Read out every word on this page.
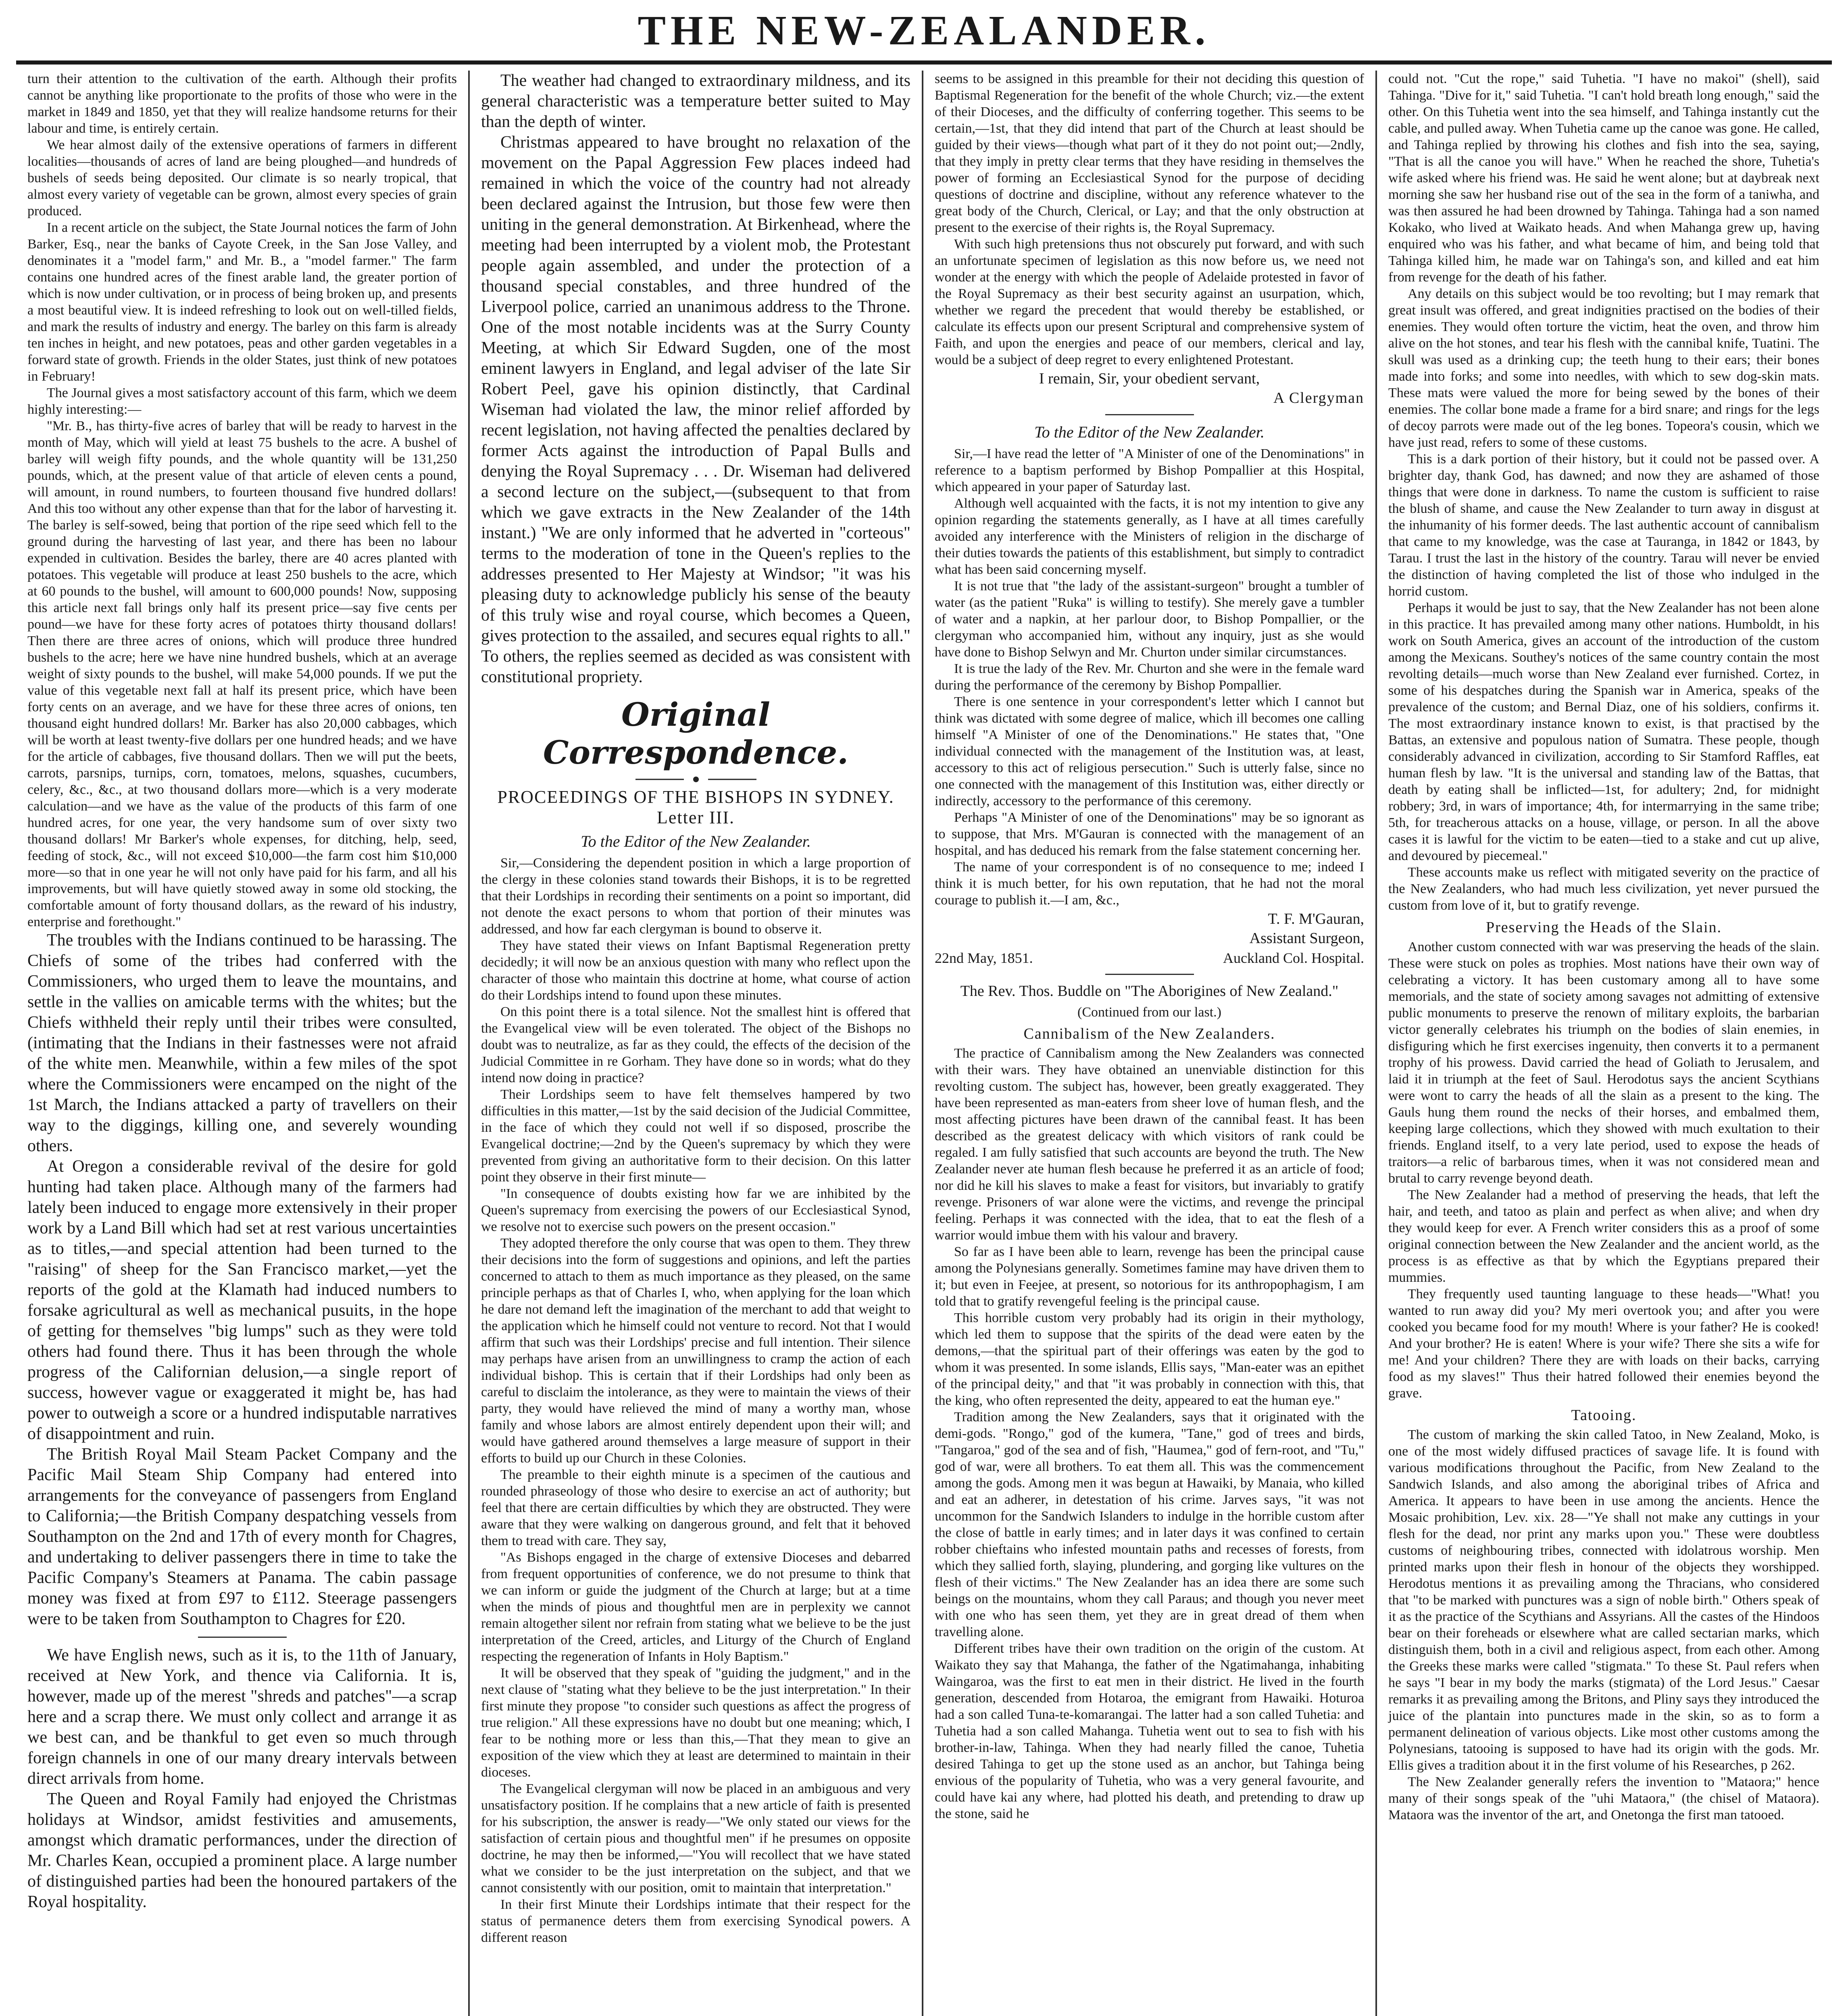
THE NEW-ZEALANDER.

turn their attention to the cultivation of the earth. Although their profits cannot be anything like proportionate to the profits of those who were in the market in 1849 and 1850, yet that they will realize handsome returns for their labour and time, is entirely certain.

We hear almost daily of the extensive operations of farmers in different localities—thousands of acres of land are being ploughed—and hundreds of bushels of seeds being deposited. Our climate is so nearly tropical, that almost every variety of vegetable can be grown, almost every species of grain produced.

In a recent article on the subject, the State Journal notices the farm of John Barker, Esq., near the banks of Cayote Creek, in the San Jose Valley, and denominates it a "model farm," and Mr. B., a "model farmer." The farm contains one hundred acres of the finest arable land, the greater portion of which is now under cultivation, or in process of being broken up, and presents a most beautiful view. It is indeed refreshing to look out on well-tilled fields, and mark the results of industry and energy. The barley on this farm is already ten inches in height, and new potatoes, peas and other garden vegetables in a forward state of growth. Friends in the older States, just think of new potatoes in February!

The Journal gives a most satisfactory account of this farm, which we deem highly interesting:—

"Mr. B., has thirty-five acres of barley that will be ready to harvest in the month of May, which will yield at least 75 bushels to the acre. A bushel of barley will weigh fifty pounds, and the whole quantity will be 131,250 pounds, which, at the present value of that article of eleven cents a pound, will amount, in round numbers, to fourteen thousand five hundred dollars! And this too without any other expense than that for the labor of harvesting it. The barley is self-sowed, being that portion of the ripe seed which fell to the ground during the harvesting of last year, and there has been no labour expended in cultivation. Besides the barley, there are 40 acres planted with potatoes. This vegetable will produce at least 250 bushels to the acre, which at 60 pounds to the bushel, will amount to 600,000 pounds! Now, supposing this article next fall brings only half its present price—say five cents per pound—we have for these forty acres of potatoes thirty thousand dollars! Then there are three acres of onions, which will produce three hundred bushels to the acre; here we have nine hundred bushels, which at an average weight of sixty pounds to the bushel, will make 54,000 pounds. If we put the value of this vegetable next fall at half its present price, which have been forty cents on an average, and we have for these three acres of onions, ten thousand eight hundred dollars! Mr. Barker has also 20,000 cabbages, which will be worth at least twenty-five dollars per one hundred heads; and we have for the article of cabbages, five thousand dollars. Then we will put the beets, carrots, parsnips, turnips, corn, tomatoes, melons, squashes, cucumbers, celery, &c., &c., at two thousand dollars more—which is a very moderate calculation—and we have as the value of the products of this farm of one hundred acres, for one year, the very handsome sum of over sixty two thousand dollars! Mr Barker's whole expenses, for ditching, help, seed, feeding of stock, &c., will not exceed $10,000—the farm cost him $10,000 more—so that in one year he will not only have paid for his farm, and all his improvements, but will have quietly stowed away in some old stocking, the comfortable amount of forty thousand dollars, as the reward of his industry, enterprise and forethought."

The troubles with the Indians continued to be harassing. The Chiefs of some of the tribes had conferred with the Commissioners, who urged them to leave the mountains, and settle in the vallies on amicable terms with the whites; but the Chiefs withheld their reply until their tribes were consulted, (intimating that the Indians in their fastnesses were not afraid of the white men. Meanwhile, within a few miles of the spot where the Commissioners were encamped on the night of the 1st March, the Indians attacked a party of travellers on their way to the diggings, killing one, and severely wounding others.

At Oregon a considerable revival of the desire for gold hunting had taken place. Although many of the farmers had lately been induced to engage more extensively in their proper work by a Land Bill which had set at rest various uncertainties as to titles,—and special attention had been turned to the "raising" of sheep for the San Francisco market,—yet the reports of the gold at the Klamath had induced numbers to forsake agricultural as well as mechanical pusuits, in the hope of getting for themselves "big lumps" such as they were told others had found there. Thus it has been through the whole progress of the Californian delusion,—a single report of success, however vague or exaggerated it might be, has had power to outweigh a score or a hundred indisputable narratives of disappointment and ruin.

The British Royal Mail Steam Packet Company and the Pacific Mail Steam Ship Company had entered into arrangements for the conveyance of passengers from England to California;—the British Company despatching vessels from Southampton on the 2nd and 17th of every month for Chagres, and undertaking to deliver passengers there in time to take the Pacific Company's Steamers at Panama. The cabin passage money was fixed at from £97 to £112. Steerage passengers were to be taken from Southampton to Chagres for £20.

We have English news, such as it is, to the 11th of January, received at New York, and thence via California. It is, however, made up of the merest "shreds and patches"—a scrap here and a scrap there. We must only collect and arrange it as we best can, and be thankful to get even so much through foreign channels in one of our many dreary intervals between direct arrivals from home.

The Queen and Royal Family had enjoyed the Christmas holidays at Windsor, amidst festivities and amusements, amongst which dramatic performances, under the direction of Mr. Charles Kean, occupied a prominent place. A large number of distinguished parties had been the honoured partakers of the Royal hospitality.

The weather had changed to extraordinary mildness, and its general characteristic was a temperature better suited to May than the depth of winter.

Christmas appeared to have brought no relaxation of the movement on the Papal Aggression Few places indeed had remained in which the voice of the country had not already been declared against the Intrusion, but those few were then uniting in the general demonstration. At Birkenhead, where the meeting had been interrupted by a violent mob, the Protestant people again assembled, and under the protection of a thousand special constables, and three hundred of the Liverpool police, carried an unanimous address to the Throne. One of the most notable incidents was at the Surry County Meeting, at which Sir Edward Sugden, one of the most eminent lawyers in England, and legal adviser of the late Sir Robert Peel, gave his opinion distinctly, that Cardinal Wiseman had violated the law, the minor relief afforded by recent legislation, not having affected the penalties declared by former Acts against the introduction of Papal Bulls and denying the Royal Supremacy . . . Dr. Wiseman had delivered a second lecture on the subject,—(subsequent to that from which we gave extracts in the New Zealander of the 14th instant.) "We are only informed that he adverted in "corteous" terms to the moderation of tone in the Queen's replies to the addresses presented to Her Majesty at Windsor; "it was his pleasing duty to acknowledge publicly his sense of the beauty of this truly wise and royal course, which becomes a Queen, gives protection to the assailed, and secures equal rights to all." To others, the replies seemed as decided as was consistent with constitutional propriety.

Original Correspondence.
PROCEEDINGS OF THE BISHOPS IN SYDNEY. Letter III.
To the Editor of the New Zealander.

Sir,—Considering the dependent position in which a large proportion of the clergy in these colonies stand towards their Bishops, it is to be regretted that their Lordships in recording their sentiments on a point so important, did not denote the exact persons to whom that portion of their minutes was addressed, and how far each clergyman is bound to observe it.

They have stated their views on Infant Baptismal Regeneration pretty decidedly; it will now be an anxious question with many who reflect upon the character of those who maintain this doctrine at home, what course of action do their Lordships intend to found upon these minutes.

On this point there is a total silence. Not the smallest hint is offered that the Evangelical view will be even tolerated. The object of the Bishops no doubt was to neutralize, as far as they could, the effects of the decision of the Judicial Committee in re Gorham. They have done so in words; what do they intend now doing in practice?

Their Lordships seem to have felt themselves hampered by two difficulties in this matter,—1st by the said decision of the Judicial Committee, in the face of which they could not well if so disposed, proscribe the Evangelical doctrine;—2nd by the Queen's supremacy by which they were prevented from giving an authoritative form to their decision. On this latter point they observe in their first minute—

"In consequence of doubts existing how far we are inhibited by the Queen's supremacy from exercising the powers of our Ecclesiastical Synod, we resolve not to exercise such powers on the present occasion."

They adopted therefore the only course that was open to them. They threw their decisions into the form of suggestions and opinions, and left the parties concerned to attach to them as much importance as they pleased, on the same principle perhaps as that of Charles I, who, when applying for the loan which he dare not demand left the imagination of the merchant to add that weight to the application which he himself could not venture to record. Not that I would affirm that such was their Lordships' precise and full intention. Their silence may perhaps have arisen from an unwillingness to cramp the action of each individual bishop. This is certain that if their Lordships had only been as careful to disclaim the intolerance, as they were to maintain the views of their party, they would have relieved the mind of many a worthy man, whose family and whose labors are almost entirely dependent upon their will; and would have gathered around themselves a large measure of support in their efforts to build up our Church in these Colonies.

The preamble to their eighth minute is a specimen of the cautious and rounded phraseology of those who desire to exercise an act of authority; but feel that there are certain difficulties by which they are obstructed. They were aware that they were walking on dangerous ground, and felt that it behoved them to tread with care. They say,

"As Bishops engaged in the charge of extensive Dioceses and debarred from frequent opportunities of conference, we do not presume to think that we can inform or guide the judgment of the Church at large; but at a time when the minds of pious and thoughtful men are in perplexity we cannot remain altogether silent nor refrain from stating what we believe to be the just interpretation of the Creed, articles, and Liturgy of the Church of England respecting the regeneration of Infants in Holy Baptism."

It will be observed that they speak of "guiding the judgment," and in the next clause of "stating what they believe to be the just interpretation." In their first minute they propose "to consider such questions as affect the progress of true religion." All these expressions have no doubt but one meaning; which, I fear to be nothing more or less than this,—That they mean to give an exposition of the view which they at least are determined to maintain in their dioceses.

The Evangelical clergyman will now be placed in an ambiguous and very unsatisfactory position. If he complains that a new article of faith is presented for his subscription, the answer is ready—"We only stated our views for the satisfaction of certain pious and thoughtful men" if he presumes on opposite doctrine, he may then be informed,—"You will recollect that we have stated what we consider to be the just interpretation on the subject, and that we cannot consistently with our position, omit to maintain that interpretation."

In their first Minute their Lordships intimate that their respect for the status of permanence deters them from exercising Synodical powers. A different reason

seems to be assigned in this preamble for their not deciding this question of Baptismal Regeneration for the benefit of the whole Church; viz.—the extent of their Dioceses, and the difficulty of conferring together. This seems to be certain,—1st, that they did intend that part of the Church at least should be guided by their views—though what part of it they do not point out;—2ndly, that they imply in pretty clear terms that they have residing in themselves the power of forming an Ecclesiastical Synod for the purpose of deciding questions of doctrine and discipline, without any reference whatever to the great body of the Church, Clerical, or Lay; and that the only obstruction at present to the exercise of their rights is, the Royal Supremacy.

With such high pretensions thus not obscurely put forward, and with such an unfortunate specimen of legislation as this now before us, we need not wonder at the energy with which the people of Adelaide protested in favor of the Royal Supremacy as their best security against an usurpation, which, whether we regard the precedent that would thereby be established, or calculate its effects upon our present Scriptural and comprehensive system of Faith, and upon the energies and peace of our members, clerical and lay, would be a subject of deep regret to every enlightened Protestant.

I remain, Sir, your obedient servant,
A Clergyman
To the Editor of the New Zealander.

Sir,—I have read the letter of "A Minister of one of the Denominations" in reference to a baptism performed by Bishop Pompallier at this Hospital, which appeared in your paper of Saturday last.

Although well acquainted with the facts, it is not my intention to give any opinion regarding the statements generally, as I have at all times carefully avoided any interference with the Ministers of religion in the discharge of their duties towards the patients of this establishment, but simply to contradict what has been said concerning myself.

It is not true that "the lady of the assistant-surgeon" brought a tumbler of water (as the patient "Ruka" is willing to testify). She merely gave a tumbler of water and a napkin, at her parlour door, to Bishop Pompallier, or the clergyman who accompanied him, without any inquiry, just as she would have done to Bishop Selwyn and Mr. Churton under similar circumstances.

It is true the lady of the Rev. Mr. Churton and she were in the female ward during the performance of the ceremony by Bishop Pompallier.

There is one sentence in your correspondent's letter which I cannot but think was dictated with some degree of malice, which ill becomes one calling himself "A Minister of one of the Denominations." He states that, "One individual connected with the management of the Institution was, at least, accessory to this act of religious persecution." Such is utterly false, since no one connected with the management of this Institution was, either directly or indirectly, accessory to the performance of this ceremony.

Perhaps "A Minister of one of the Denominations" may be so ignorant as to suppose, that Mrs. M'Gauran is connected with the management of an hospital, and has deduced his remark from the false statement concerning her.

The name of your correspondent is of no consequence to me; indeed I think it is much better, for his own reputation, that he had not the moral courage to publish it.—I am, &c.,

T. F. M'Gauran,
Assistant Surgeon,
22nd May, 1851.	Auckland Col. Hospital.
The Rev. Thos. Buddle on "The Aborigines of New Zealand."
(Continued from our last.)
Cannibalism of the New Zealanders.

The practice of Cannibalism among the New Zealanders was connected with their wars. They have obtained an unenviable distinction for this revolting custom. The subject has, however, been greatly exaggerated. They have been represented as man-eaters from sheer love of human flesh, and the most affecting pictures have been drawn of the cannibal feast. It has been described as the greatest delicacy with which visitors of rank could be regaled. I am fully satisfied that such accounts are beyond the truth. The New Zealander never ate human flesh because he preferred it as an article of food; nor did he kill his slaves to make a feast for visitors, but invariably to gratify revenge. Prisoners of war alone were the victims, and revenge the principal feeling. Perhaps it was connected with the idea, that to eat the flesh of a warrior would imbue them with his valour and bravery.

So far as I have been able to learn, revenge has been the principal cause among the Polynesians generally. Sometimes famine may have driven them to it; but even in Feejee, at present, so notorious for its anthropophagism, I am told that to gratify revengeful feeling is the principal cause.

This horrible custom very probably had its origin in their mythology, which led them to suppose that the spirits of the dead were eaten by the demons,—that the spiritual part of their offerings was eaten by the god to whom it was presented. In some islands, Ellis says, "Man-eater was an epithet of the principal deity," and that "it was probably in connection with this, that the king, who often represented the deity, appeared to eat the human eye."

Tradition among the New Zealanders, says that it originated with the demi-gods. "Rongo," god of the kumera, "Tane," god of trees and birds, "Tangaroa," god of the sea and of fish, "Haumea," god of fern-root, and "Tu," god of war, were all brothers. To eat them all. This was the commencement among the gods. Among men it was begun at Hawaiki, by Manaia, who killed and eat an adherer, in detestation of his crime. Jarves says, "it was not uncommon for the Sandwich Islanders to indulge in the horrible custom after the close of battle in early times; and in later days it was confined to certain robber chieftains who infested mountain paths and recesses of forests, from which they sallied forth, slaying, plundering, and gorging like vultures on the flesh of their victims." The New Zealander has an idea there are some such beings on the mountains, whom they call Paraus; and though you never meet with one who has seen them, yet they are in great dread of them when travelling alone.

Different tribes have their own tradition on the origin of the custom. At Waikato they say that Mahanga, the father of the Ngatimahanga, inhabiting Waingaroa, was the first to eat men in their district. He lived in the fourth generation, descended from Hotaroa, the emigrant from Hawaiki. Hoturoa had a son called Tuna-te-komarangai. The latter had a son called Tuhetia: and Tuhetia had a son called Mahanga. Tuhetia went out to sea to fish with his brother-in-law, Tahinga. When they had nearly filled the canoe, Tuhetia desired Tahinga to get up the stone used as an anchor, but Tahinga being envious of the popularity of Tuhetia, who was a very general favourite, and could have kai any where, had plotted his death, and pretending to draw up the stone, said he

could not. "Cut the rope," said Tuhetia. "I have no makoi" (shell), said Tahinga. "Dive for it," said Tuhetia. "I can't hold breath long enough," said the other. On this Tuhetia went into the sea himself, and Tahinga instantly cut the cable, and pulled away. When Tuhetia came up the canoe was gone. He called, and Tahinga replied by throwing his clothes and fish into the sea, saying, "That is all the canoe you will have." When he reached the shore, Tuhetia's wife asked where his friend was. He said he went alone; but at daybreak next morning she saw her husband rise out of the sea in the form of a taniwha, and was then assured he had been drowned by Tahinga. Tahinga had a son named Kokako, who lived at Waikato heads. And when Mahanga grew up, having enquired who was his father, and what became of him, and being told that Tahinga killed him, he made war on Tahinga's son, and killed and eat him from revenge for the death of his father.

Any details on this subject would be too revolting; but I may remark that great insult was offered, and great indignities practised on the bodies of their enemies. They would often torture the victim, heat the oven, and throw him alive on the hot stones, and tear his flesh with the cannibal knife, Tuatini. The skull was used as a drinking cup; the teeth hung to their ears; their bones made into forks; and some into needles, with which to sew dog-skin mats. These mats were valued the more for being sewed by the bones of their enemies. The collar bone made a frame for a bird snare; and rings for the legs of decoy parrots were made out of the leg bones. Topeora's cousin, which we have just read, refers to some of these customs.

This is a dark portion of their history, but it could not be passed over. A brighter day, thank God, has dawned; and now they are ashamed of those things that were done in darkness. To name the custom is sufficient to raise the blush of shame, and cause the New Zealander to turn away in disgust at the inhumanity of his former deeds. The last authentic account of cannibalism that came to my knowledge, was the case at Tauranga, in 1842 or 1843, by Tarau. I trust the last in the history of the country. Tarau will never be envied the distinction of having completed the list of those who indulged in the horrid custom.

Perhaps it would be just to say, that the New Zealander has not been alone in this practice. It has prevailed among many other nations. Humboldt, in his work on South America, gives an account of the introduction of the custom among the Mexicans. Southey's notices of the same country contain the most revolting details—much worse than New Zealand ever furnished. Cortez, in some of his despatches during the Spanish war in America, speaks of the prevalence of the custom; and Bernal Diaz, one of his soldiers, confirms it. The most extraordinary instance known to exist, is that practised by the Battas, an extensive and populous nation of Sumatra. These people, though considerably advanced in civilization, according to Sir Stamford Raffles, eat human flesh by law. "It is the universal and standing law of the Battas, that death by eating shall be inflicted—1st, for adultery; 2nd, for midnight robbery; 3rd, in wars of importance; 4th, for intermarrying in the same tribe; 5th, for treacherous attacks on a house, village, or person. In all the above cases it is lawful for the victim to be eaten—tied to a stake and cut up alive, and devoured by piecemeal."

These accounts make us reflect with mitigated severity on the practice of the New Zealanders, who had much less civilization, yet never pursued the custom from love of it, but to gratify revenge.

Preserving the Heads of the Slain.

Another custom connected with war was preserving the heads of the slain. These were stuck on poles as trophies. Most nations have their own way of celebrating a victory. It has been customary among all to have some memorials, and the state of society among savages not admitting of extensive public monuments to preserve the renown of military exploits, the barbarian victor generally celebrates his triumph on the bodies of slain enemies, in disfiguring which he first exercises ingenuity, then converts it to a permanent trophy of his prowess. David carried the head of Goliath to Jerusalem, and laid it in triumph at the feet of Saul. Herodotus says the ancient Scythians were wont to carry the heads of all the slain as a present to the king. The Gauls hung them round the necks of their horses, and embalmed them, keeping large collections, which they showed with much exultation to their friends. England itself, to a very late period, used to expose the heads of traitors—a relic of barbarous times, when it was not considered mean and brutal to carry revenge beyond death.

The New Zealander had a method of preserving the heads, that left the hair, and teeth, and tatoo as plain and perfect as when alive; and when dry they would keep for ever. A French writer considers this as a proof of some original connection between the New Zealander and the ancient world, as the process is as effective as that by which the Egyptians prepared their mummies.

They frequently used taunting language to these heads—"What! you wanted to run away did you? My meri overtook you; and after you were cooked you became food for my mouth! Where is your father? He is cooked! And your brother? He is eaten! Where is your wife? There she sits a wife for me! And your children? There they are with loads on their backs, carrying food as my slaves!" Thus their hatred followed their enemies beyond the grave.

Tatooing.

The custom of marking the skin called Tatoo, in New Zealand, Moko, is one of the most widely diffused practices of savage life. It is found with various modifications throughout the Pacific, from New Zealand to the Sandwich Islands, and also among the aboriginal tribes of Africa and America. It appears to have been in use among the ancients. Hence the Mosaic prohibition, Lev. xix. 28—"Ye shall not make any cuttings in your flesh for the dead, nor print any marks upon you." These were doubtless customs of neighbouring tribes, connected with idolatrous worship. Men printed marks upon their flesh in honour of the objects they worshipped. Herodotus mentions it as prevailing among the Thracians, who considered that "to be marked with punctures was a sign of noble birth." Others speak of it as the practice of the Scythians and Assyrians. All the castes of the Hindoos bear on their foreheads or elsewhere what are called sectarian marks, which distinguish them, both in a civil and religious aspect, from each other. Among the Greeks these marks were called "stigmata." To these St. Paul refers when he says "I bear in my body the marks (stigmata) of the Lord Jesus." Caesar remarks it as prevailing among the Britons, and Pliny says they introduced the juice of the plantain into punctures made in the skin, so as to form a permanent delineation of various objects. Like most other customs among the Polynesians, tatooing is supposed to have had its origin with the gods. Mr. Ellis gives a tradition about it in the first volume of his Researches, p 262.

The New Zealander generally refers the invention to "Mataora;" hence many of their songs speak of the "uhi Mataora," (the chisel of Mataora). Mataora was the inventor of the art, and Onetonga the first man tatooed.
